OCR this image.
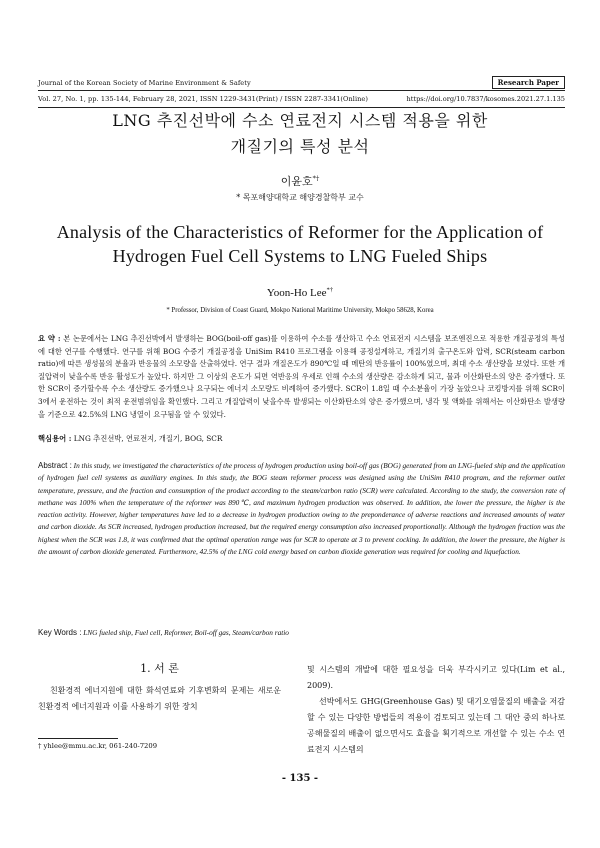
Journal of the Korean Society of Marine Environment & Safety	Research Paper
Vol. 27, No. 1, pp. 135-144, February 28, 2021, ISSN 1229-3431(Print) / ISSN 2287-3341(Online)	https://doi.org/10.7837/kosomes.2021.27.1.135
LNG 추진선박에 수소 연료전지 시스템 적용을 위한
개질기의 특성 분석
이윤호*†
* 목포해양대학교 해양경찰학부 교수
Analysis of the Characteristics of Reformer for the Application of
Hydrogen Fuel Cell Systems to LNG Fueled Ships
Yoon-Ho Lee*†
* Professor, Division of Coast Guard, Mokpo National Maritime University, Mokpo 58628, Korea
요 약 : 본 논문에서는 LNG 추진선박에서 발생하는 BOG(boil-off gas)를 이용하여 수소를 생산하고 수소 연료전지 시스템을 보조엔진으로 적용한 개질공정의 특성에 대한 연구를 수행했다. 연구를 위해 BOG 수증기 개질공정을 UniSim R410 프로그램을 이용해 공정설계하고, 개질기의 출구온도와 압력, SCR(steam carbon ratio)에 따른 생성물의 분율과 반응물의 소모량을 산출하였다. 연구 결과 개질온도가 890℃일 때 메탄의 반응률이 100%였으며, 최대 수소 생산량을 보였다. 또한 개질압력이 낮을수록 반응 활성도가 높았다. 하지만 그 이상의 온도가 되면 역반응의 우세로 인해 수소의 생산량은 감소하게 되고, 물과 이산화탄소의 양은 증가했다. 또한 SCR이 증가할수록 수소 생산량도 증가했으나 요구되는 에너지 소모량도 비례하여 증가했다. SCR이 1.8일 때 수소분율이 가장 높았으나 코킹방지를 위해 SCR이 3에서 운전하는 것이 최적 운전범위임을 확인했다. 그리고 개질압력이 낮을수록 발생되는 이산화탄소의 양은 증가했으며, 냉각 및 액화를 위해서는 이산화탄소 발생량을 기준으로 42.5%의 LNG 냉열이 요구됨을 알 수 있었다.
핵심용어 : LNG 추진선박, 연료전지, 개질기, BOG, SCR
Abstract : In this study, we investigated the characteristics of the process of hydrogen production using boil-off gas (BOG) generated from an LNG-fueled ship and the application of hydrogen fuel cell systems as auxiliary engines. In this study, the BOG steam reformer process was designed using the UniSim R410 program, and the reformer outlet temperature, pressure, and the fraction and consumption of the product according to the steam/carbon ratio (SCR) were calculated. According to the study, the conversion rate of methane was 100% when the temperature of the reformer was 890℃, and maximum hydrogen production was observed. In addition, the lower the pressure, the higher is the reaction activity. However, higher temperatures have led to a decrease in hydrogen production owing to the preponderance of adverse reactions and increased amounts of water and carbon dioxide. As SCR increased, hydrogen production increased, but the required energy consumption also increased proportionally. Although the hydrogen fraction was the highest when the SCR was 1.8, it was confirmed that the optimal operation range was for SCR to operate at 3 to prevent cocking. In addition, the lower the pressure, the higher is the amount of carbon dioxide generated. Furthermore, 42.5% of the LNG cold energy based on carbon dioxide generation was required for cooling and liquefaction.
Key Words : LNG fueled ship, Fuel cell, Reformer, Boil-off gas, Steam/carbon ratio
1. 서 론
친환경적 에너지원에 대한 화석연료와 기후변화의 문제는 새로운 친환경적 에너지원과 이를 사용하기 위한 장치
및 시스템의 개발에 대한 필요성을 더욱 부각시키고 있다(Lim et al., 2009).
선박에서도 GHG(Greenhouse Gas) 및 대기오염물질의 배출을 저감할 수 있는 다양한 방법들의 적용이 검토되고 있는데 그 대안 중의 하나로 공해물질의 배출이 없으면서도 효율을 획기적으로 개선할 수 있는 수소 연료전지 시스템의
† yhlee@mmu.ac.kr, 061-240-7209
- 135 -
